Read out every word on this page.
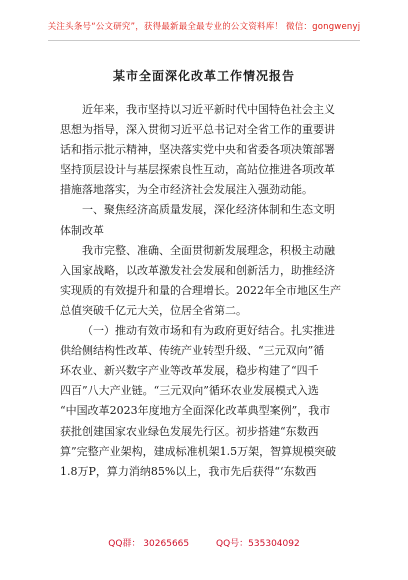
关注头条号“公文研究”，获得最新最全最专业的公文资料库！ 微信：gongwenyj
某市全面深化改革工作情况报告
近年来，我市坚持以习近平新时代中国特色社会主义
思想为指导，深入贯彻习近平总书记对全省工作的重要讲
话和指示批示精神，坚决落实党中央和省委各项决策部署
坚持顶层设计与基层探索良性互动，高站位推进各项改革
措施落地落实，为全市经济社会发展注入强劲动能。
一、聚焦经济高质量发展，深化经济体制和生态文明
体制改革
我市完整、准确、全面贯彻新发展理念，积极主动融
入国家战略，以改革激发社会发展和创新活力，助推经济
实现质的有效提升和量的合理增长。2022年全市地区生产
总值突破千亿元大关，位居全省第二。
（一）推动有效市场和有为政府更好结合。扎实推进
供给侧结构性改革、传统产业转型升级、“三元双向”循
环农业、新兴数字产业等改革发展，稳步构建了“四千
四百”八大产业链。“三元双向”循环农业发展模式入选
“中国改革2023年度地方全面深化改革典型案例”，我市
获批创建国家农业绿色发展先行区。初步搭建“东数西
算”完整产业架构，建成标准机架1.5万架，智算规模突破
1.8万P，算力消纳85%以上，我市先后获得“‘东数西
QQ群： 30265665	QQ号：535304092
